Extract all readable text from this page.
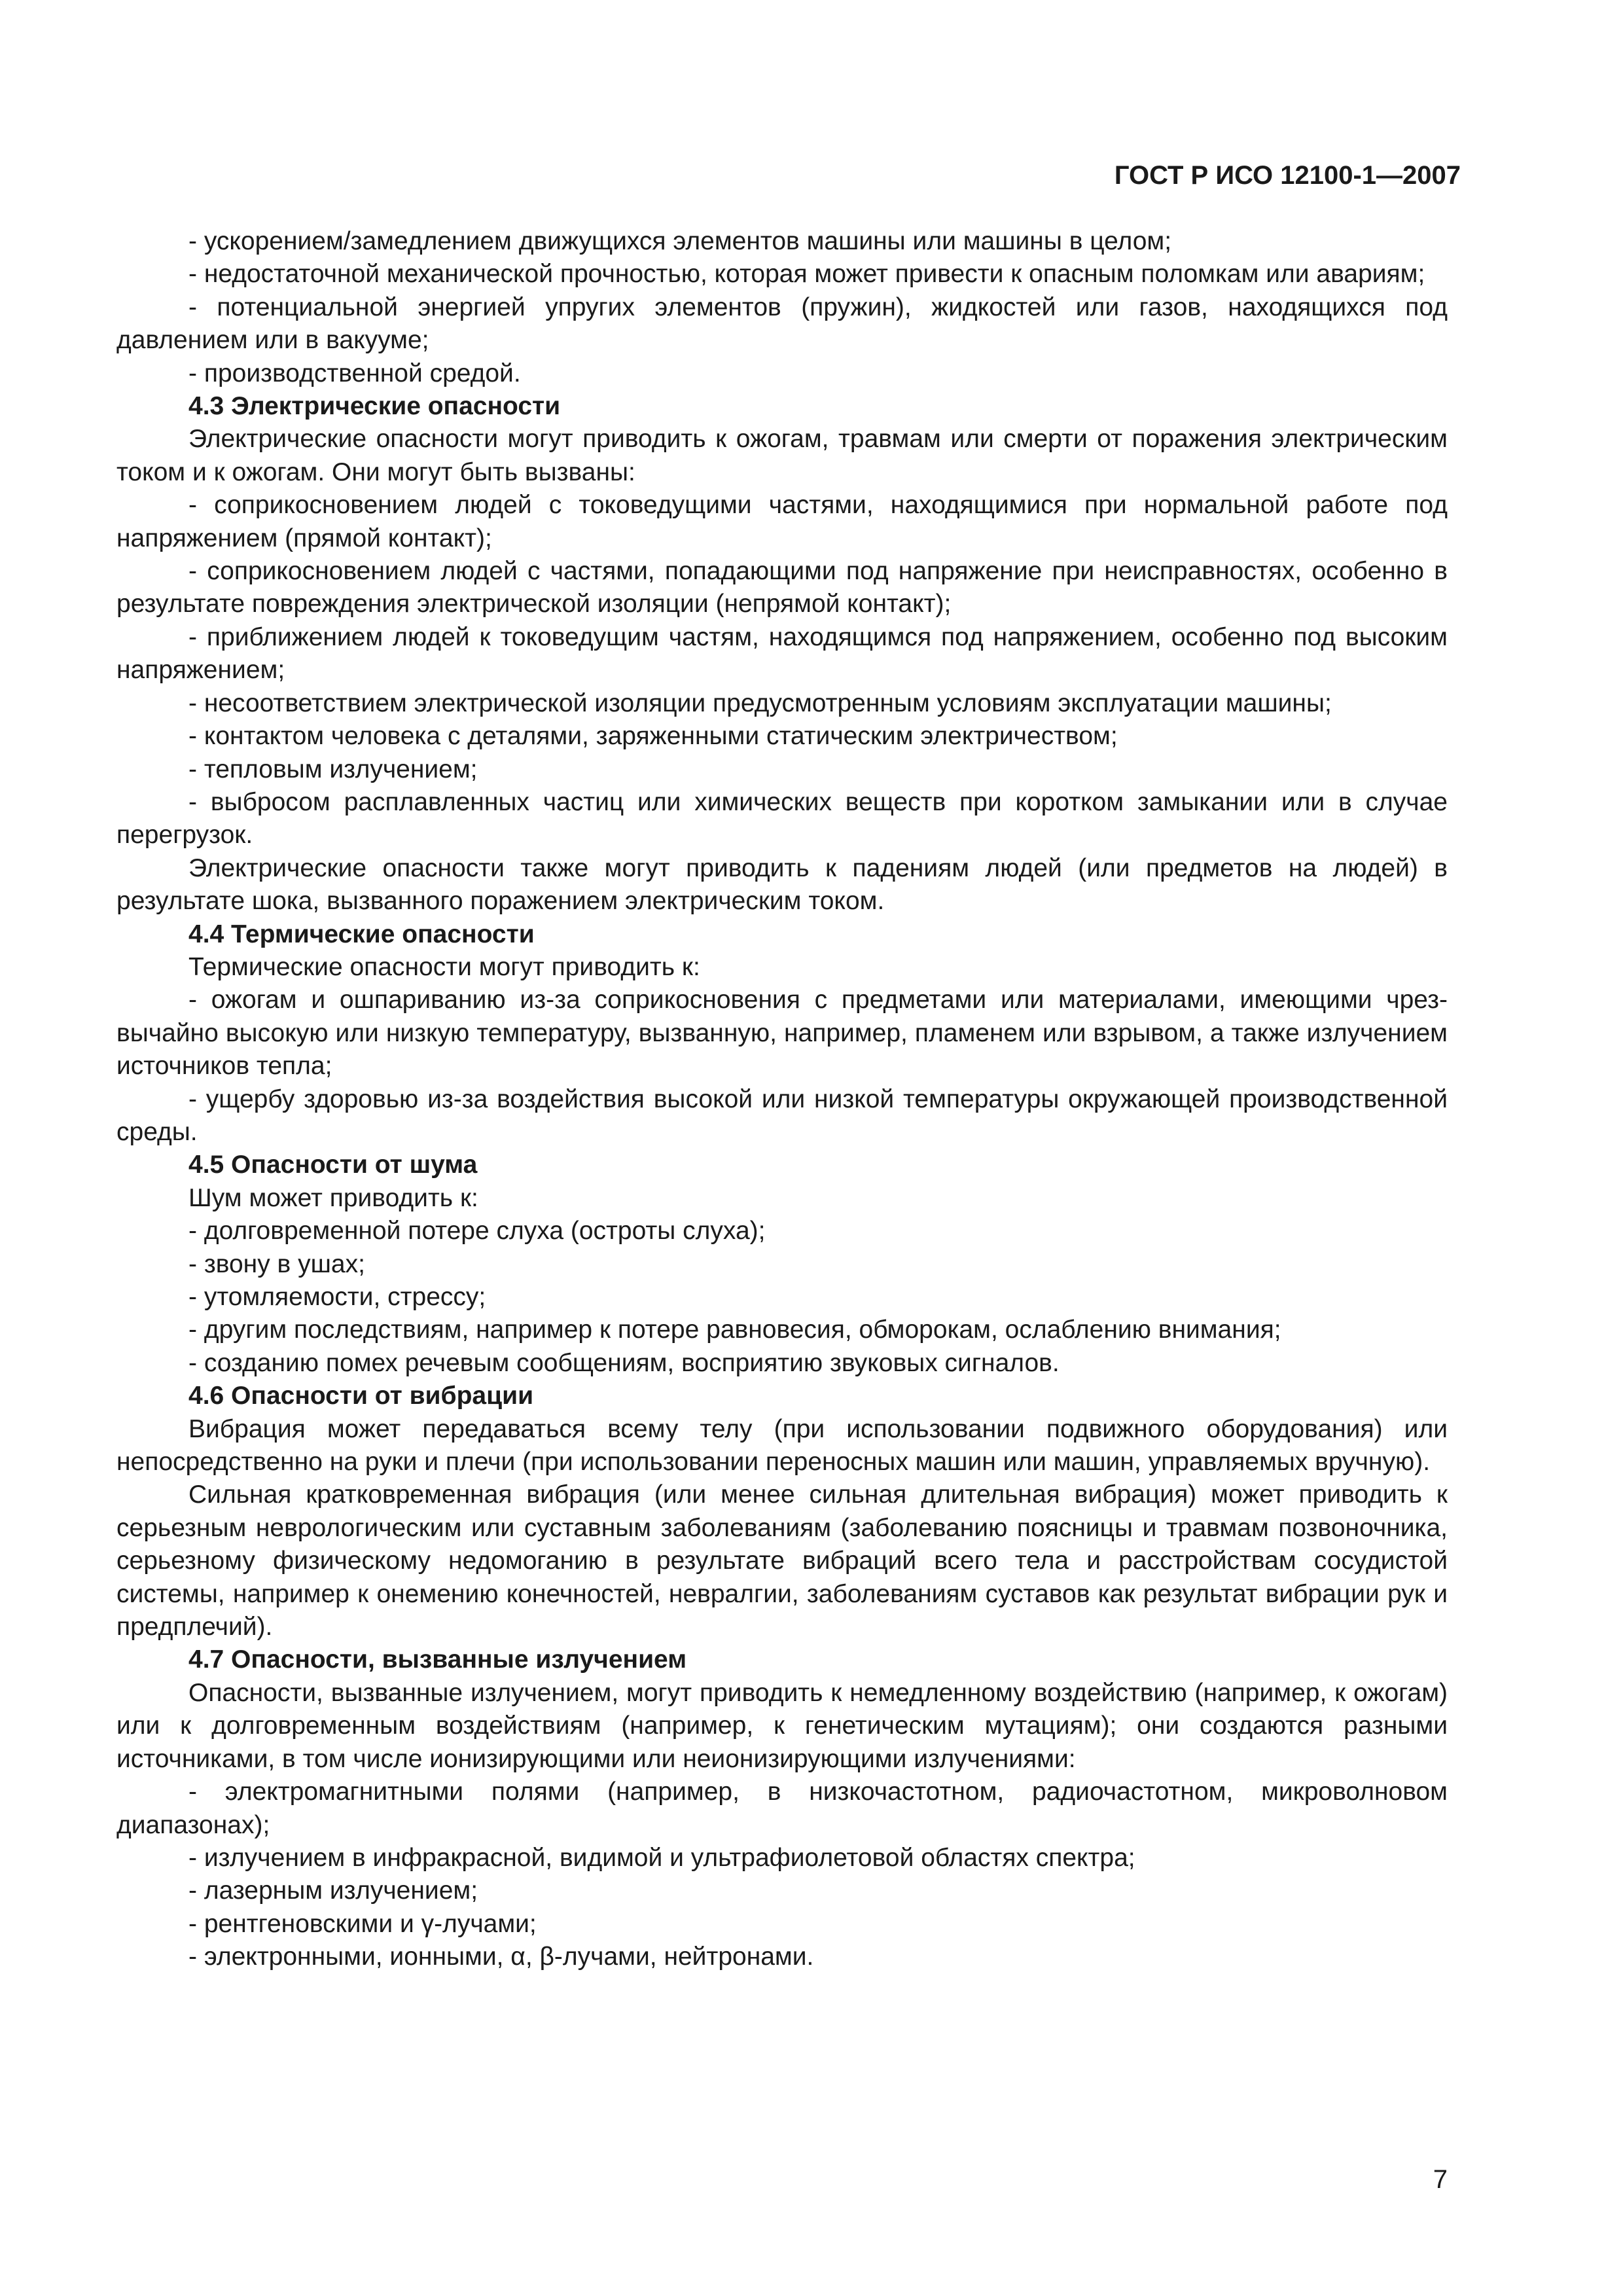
ГОСТ Р ИСО 12100-1—2007

- ускорением/замедлением движущихся элементов машины или машины в целом;

- недостаточной механической прочностью, которая может привести к опасным поломкам или авариям;

- потенциальной энергией упругих элементов (пружин), жидкостей или газов, находящихся под давлением или в вакууме;

- производственной средой.

4.3 Электрические опасности

Электрические опасности могут приводить к ожогам, травмам или смерти от поражения электрическим током и к ожогам. Они могут быть вызваны:

- соприкосновением людей с токоведущими частями, находящимися при нормальной работе под напряжением (прямой контакт);

- соприкосновением людей с частями, попадающими под напряжение при неисправностях, особенно в результате повреждения электрической изоляции (непрямой контакт);

- приближением людей к токоведущим частям, находящимся под напряжением, особенно под высоким напряжением;

- несоответствием электрической изоляции предусмотренным условиям эксплуатации машины;

- контактом человека с деталями, заряженными статическим электричеством;

- тепловым излучением;

- выбросом расплавленных частиц или химических веществ при коротком замыкании или в случае перегрузок.

Электрические опасности также могут приводить к падениям людей (или предметов на людей) в результате шока, вызванного поражением электрическим током.

4.4 Термические опасности

Термические опасности могут приводить к:

- ожогам и ошпариванию из-за соприкосновения с предметами или материалами, имеющими чрезвычайно высокую или низкую температуру, вызванную, например, пламенем или взрывом, а также излучением источников тепла;

- ущербу здоровью из-за воздействия высокой или низкой температуры окружающей производственной среды.

4.5 Опасности от шума

Шум может приводить к:

- долговременной потере слуха (остроты слуха);

- звону в ушах;

- утомляемости, стрессу;

- другим последствиям, например к потере равновесия, обморокам, ослаблению внимания;

- созданию помех речевым сообщениям, восприятию звуковых сигналов.

4.6 Опасности от вибрации

Вибрация может передаваться всему телу (при использовании подвижного оборудования) или непосредственно на руки и плечи (при использовании переносных машин или машин, управляемых вручную).

Сильная кратковременная вибрация (или менее сильная длительная вибрация) может приводить к серьезным неврологическим или суставным заболеваниям (заболеванию поясницы и травмам позвоночника, серьезному физическому недомоганию в результате вибраций всего тела и расстройствам сосудистой системы, например к онемению конечностей, невралгии, заболеваниям суставов как результат вибрации рук и предплечий).

4.7 Опасности, вызванные излучением

Опасности, вызванные излучением, могут приводить к немедленному воздействию (например, к ожогам) или к долговременным воздействиям (например, к генетическим мутациям); они создаются разными источниками, в том числе ионизирующими или неионизирующими излучениями:

- электромагнитными полями (например, в низкочастотном, радиочастотном, микроволновом диапазонах);

- излучением в инфракрасной, видимой и ультрафиолетовой областях спектра;

- лазерным излучением;

- рентгеновскими и γ-лучами;

- электронными, ионными, α, β-лучами, нейтронами.

7
